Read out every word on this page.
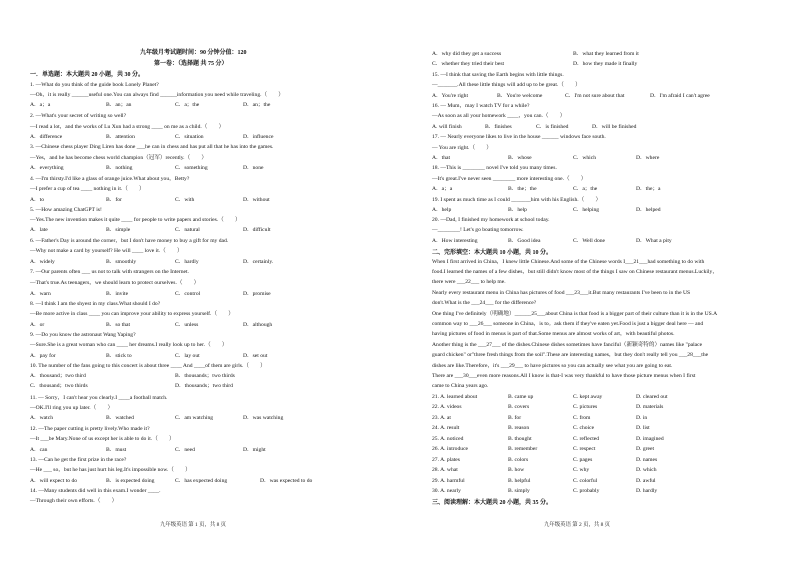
九年级月考试题时间：90 分钟分值：120
第一卷：（选择题 共 75 分）
一．单选题：本大题共 20 小题，共 30 分。
1. —What do you think of the guide book Lonely Planet?
—Oh，it is really ______useful one.You can always find ______information you need while traveling.（　　）
A．a；a	B．an；an	C．a；the	D．an；the
2. —What's your secret of writing so well?
—I read a lot，and the works of Lu Xun had a strong ____ on me as a child.（　　）
A．difference	B．attention	C．situation	D．influence
3. —Chinese chess player Ding Liren has done ___he can in chess and has put all that he has into the games.
—Yes，and he has become chess world champion（冠军）recently.（　　）
A．everything	B．nothing	C．something	D．none
4. —I'm thirsty.I'd like a glass of orange juice.What about you，Betty?
—I prefer a cup of tea ____ nothing in it.（　　）
A．to	B．for	C．with	D．without
5. —How amazing ChatGPT is!
—Yes.The new invention makes it quite ____ for people to write papers and stories.（　　）
A．late	B．simple	C．natural	D．difficult
6. —Father's Day is around the corner，but I don't have money to buy a gift for my dad.
—Why not make a card by yourself? He will ____ love it.（　　）
A．widely	B．smoothly	C．hardly	D．certainly.
7. —Our parents often ___ us not to talk with strangers on the Internet.
—That's true.As teenagers，we should learn to protect ourselves.（　　）
A．warn	B．invite	C．control	D．promise
8. —I think I am the shyest in my class.What should I do?
—Be more active in class ____ you can improve your ability to express yourself.（　　）
A．or	B．so that	C．unless	D．although
9. —Do you know the astronaut Wang Yaping?
—Sure.She is a great woman who can ____ her dreams.I really look up to her.（　　）
A．pay for	B．stick to	C．lay out	D．set out
10. The number of the fans going to this concert is about three ____ And ____of them are girls.（　　）
A．thousand；two third	B．thousands；two thirds
C．thousand；two thirds	D．thousands；two third
11. — Sorry，I can't hear you clearly.I ____a football match.
—OK.I'll ring you up later.（　　）
A．watch	B．watched	C．am watching	D．was watching
12. —The paper cutting is pretty lively.Who made it?
—It ___be Mary.None of us except her is able to do it.（　　）
A．can	B．must	C．need	D．might
13. —Can he get the first prize in the race?
—He ___ so，but he has just hurt his leg.It's impossible now.（　　）
A．will expect to do	B．is expected doing	C．has expected doing	D．was expected to do
14. —Many students did well in this exam.I wonder ____.
—Through their own efforts.（　　）
九年级英语 第 1 页，共 8 页
A．why did they get a success	B．what they learned from it
C．whether they tried their best	D．how they made it finally
15. —I think that saving the Earth begins with little things.
—_______.All these little things will add up to be great.（　　）
A．You're right	B．You're welcome	C．I'm not sure about that	D．I'm afraid I can't agree
16. — Mum，may I watch TV for a while?
—As soon as all your homework ____，you can.（　　）
A. will finish	B．finishes	C．is finished	D．will be finished
17. — Nearly everyone likes to live in the house ______ windows face south.
— You are right.（　　）
A．that	B．whose	C．which	D．where
18. —This is ________ novel I've told you many times.
—It's great.I've never seen ________ more interesting one.（　　）
A．a；a	B．the；the	C．a；the	D．the；a
19. I spent as much time as I could _______him with his English.（　　）
A．help	B．help	C．helping	D．helped
20. —Dad, I finished my homework at school today.
—________! Let's go boating tomorrow.
A．How interesting	B．Good idea	C．Well done	D．What a pity
二、完形填空：本大题共 10 小题，共 10 分。
When I first arrived in China，I knew little Chinese.And some of the Chinese words I___21___had something to do with
food.I learned the names of a few dishes，but still didn't know most of the things I saw on Chinese restaurant menus.Luckily，
there were ___22___ to help me.
Nearly every restaurant menu in China has pictures of food ___23___it.But many restaurants I've been to in the US
don't.What is the ___24___ for the difference?
One thing I've definitely（明确地）______25___about China is that food is a bigger part of their culture than it is in the US.A
common way to ___26___ someone in China，is to。ask them if they've eaten yet.Food is just a bigger deal here — and
having pictures of food in menus is part of that.Some menus are almost works of art，with beautiful photos.
Another thing is the ___27___ of the dishes.Chinese dishes sometimes have fanciful（新颖奇特的）names like "palace
guard chicken" or"three fresh things from the soil".These are interesting names，but they don't really tell you ___28___the
dishes are like.Therefore，it's ___29___ to have pictures so you can actually see what you are going to eat.
There are ___30___even more reasons.All I know is that-I was very thankful to have those picture menus when I first
came to China years ago.
21. A. learned about	B. came up	C. kept away	D. cleared out
22. A. videos	B. covers	C. pictures	D. materials
23. A. at	B. for	C. from	D. in
24. A. result	B. reason	C. choice	D. list
25. A. noticed	B. thought	C. reflected	D. imagined
26. A. introduce	B. remember	C. respect	D. greet
27. A. plates	B. colors	C. pages	D. names
28. A. what	B. how	C. why	D. which
29. A. harmful	B. helpful	C. colorful	D. awful
30. A. nearly	B. simply	C. probably	D. hardly
三、阅读理解：本大题共 20 小题，共 35 分。
九年级英语 第 2 页，共 8 页
